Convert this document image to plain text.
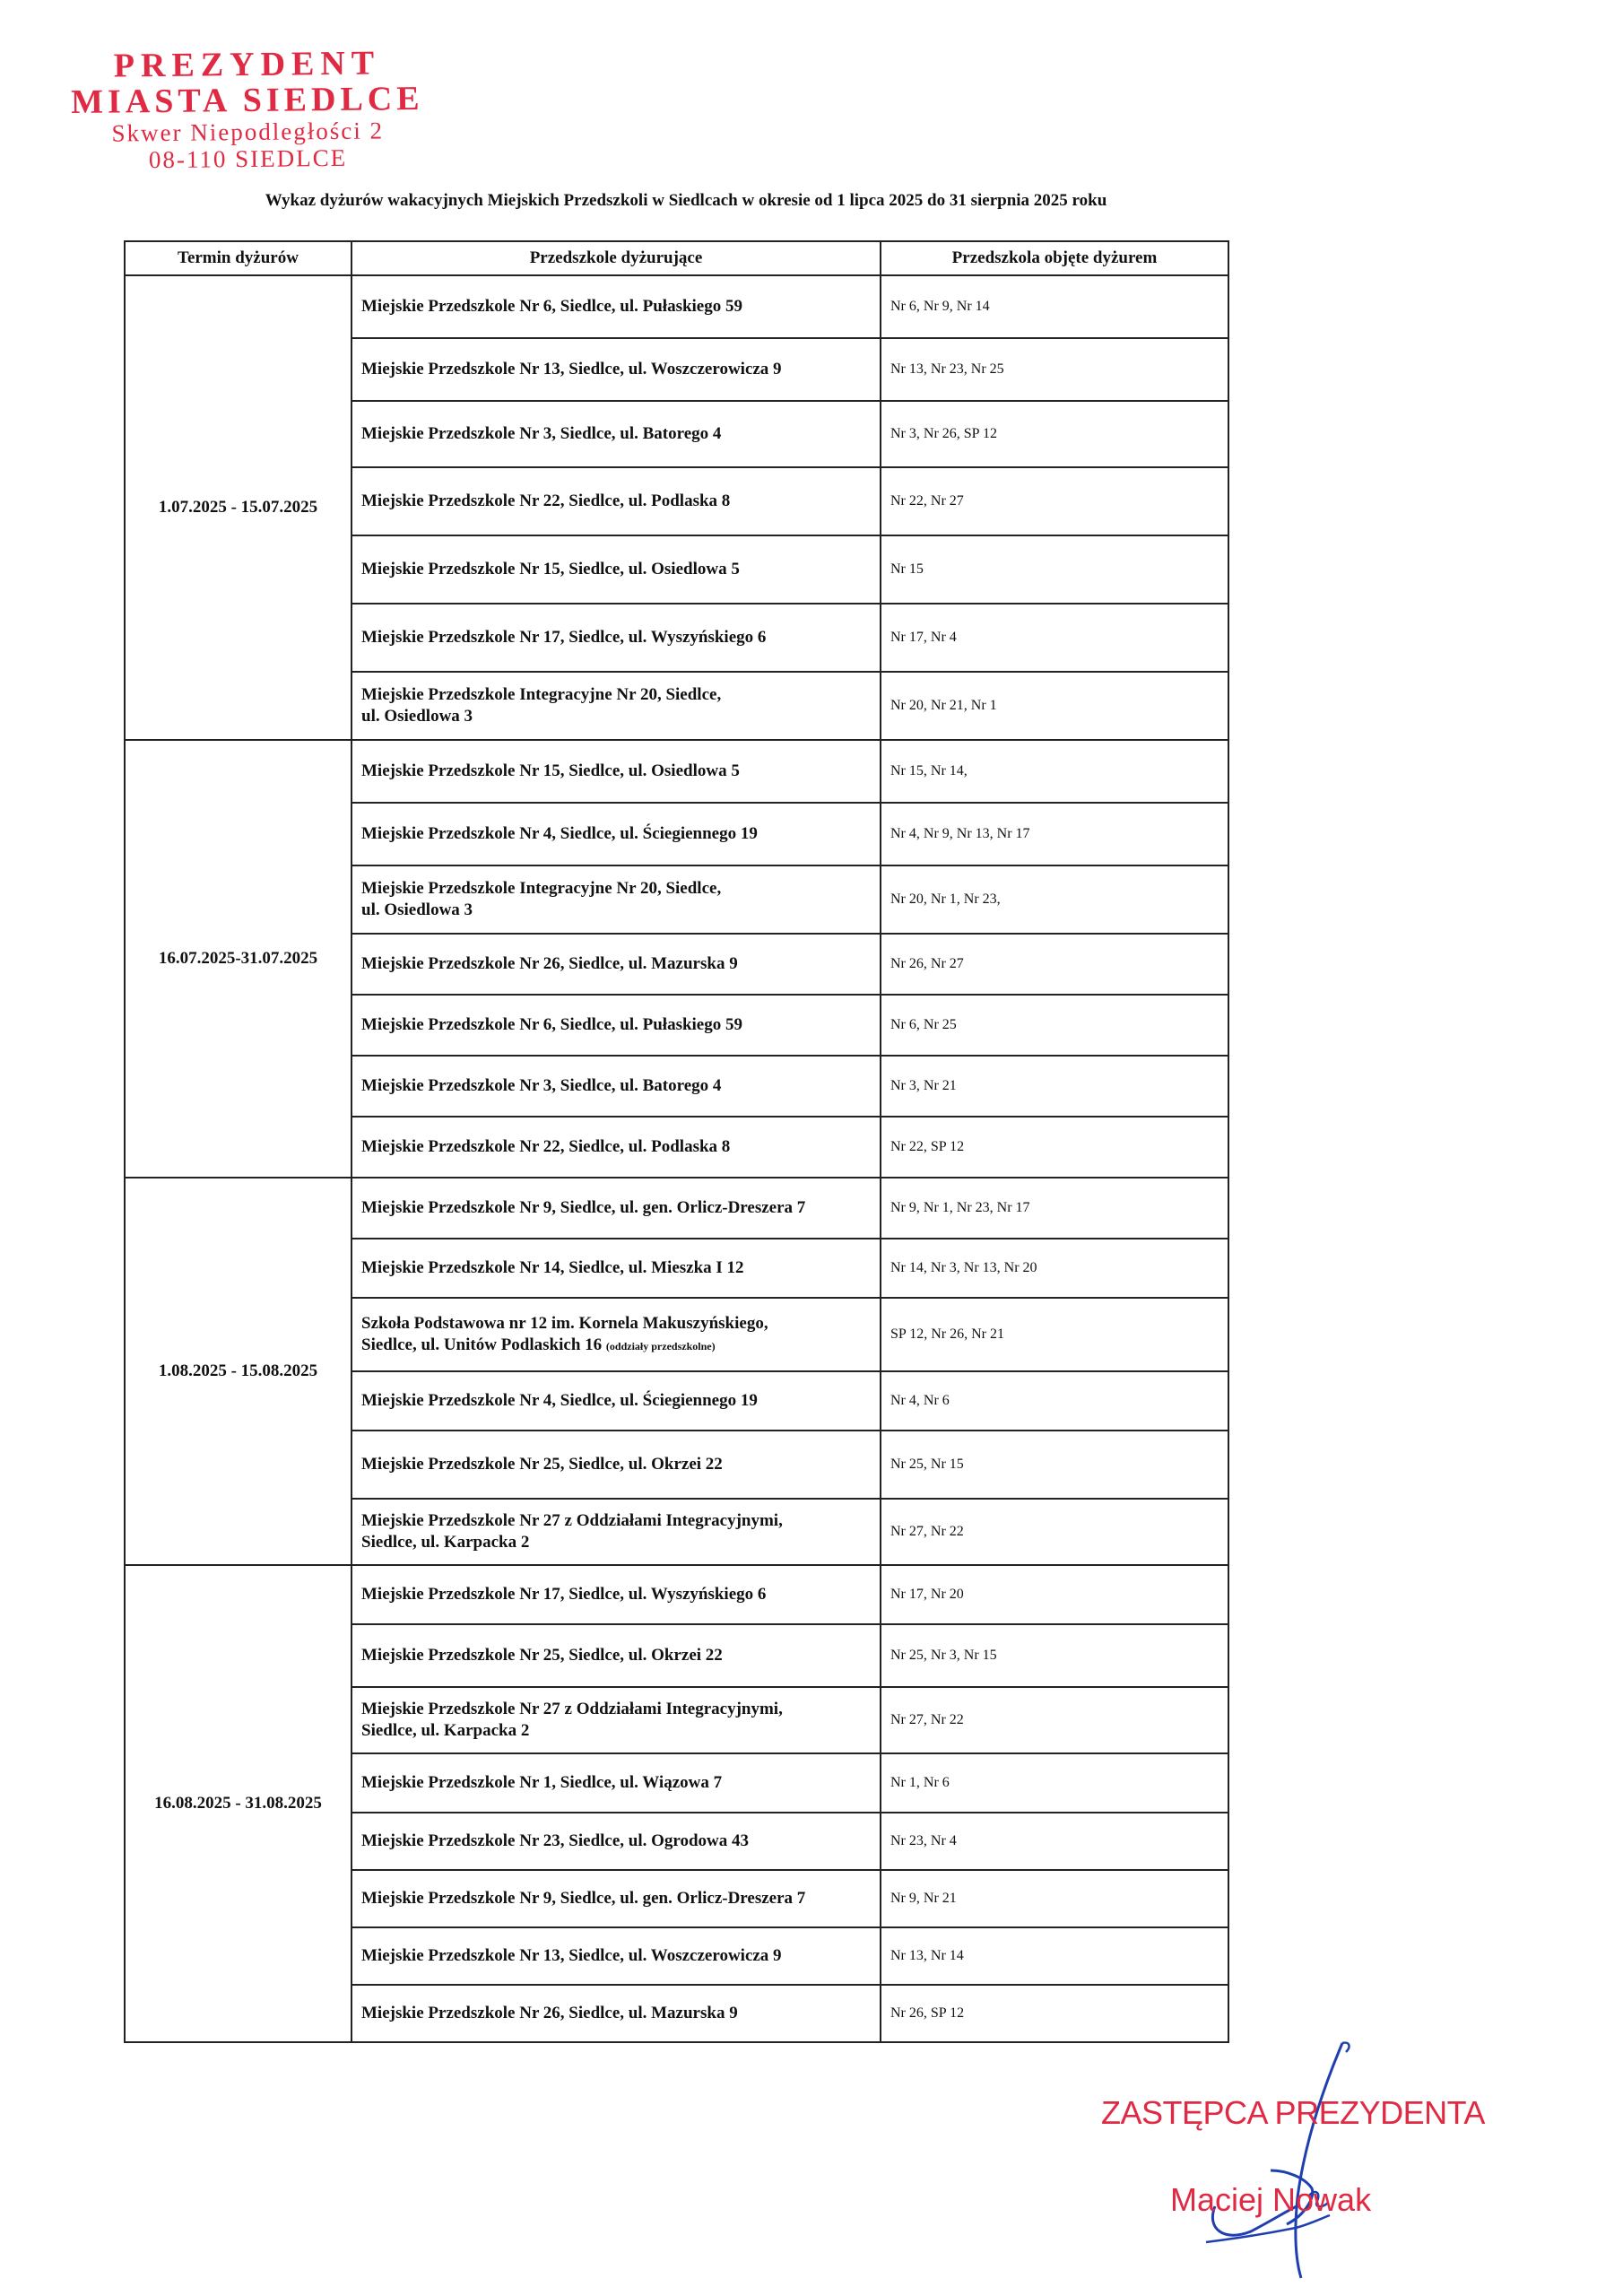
PREZYDENT
MIASTA SIEDLCE
Skwer Niepodległości 2
08-110 SIEDLCE
Wykaz dyżurów wakacyjnych Miejskich Przedszkoli w Siedlcach w okresie od 1 lipca 2025 do 31 sierpnia 2025 roku
Termin dyżurów	Przedszkole dyżurujące	Przedszkola objęte dyżurem
1.07.2025 - 15.07.2025	Miejskie Przedszkole Nr 6, Siedlce, ul. Pułaskiego 59	Nr 6, Nr 9, Nr 14

	Miejskie Przedszkole Nr 13, Siedlce, ul. Woszczerowicza 9	Nr 13, Nr 23, Nr 25

	Miejskie Przedszkole Nr 3, Siedlce, ul. Batorego 4	Nr 3, Nr 26, SP 12

	Miejskie Przedszkole Nr 22, Siedlce, ul. Podlaska 8	Nr 22, Nr 27

	Miejskie Przedszkole Nr 15, Siedlce, ul. Osiedlowa 5	Nr 15

	Miejskie Przedszkole Nr 17, Siedlce, ul. Wyszyńskiego 6	Nr 17, Nr 4

	Miejskie Przedszkole Integracyjne Nr 20, Siedlce,
ul. Osiedlowa 3	Nr 20, Nr 21, Nr 1
16.07.2025-31.07.2025	Miejskie Przedszkole Nr 15, Siedlce, ul. Osiedlowa 5	Nr 15, Nr 14,

	Miejskie Przedszkole Nr 4, Siedlce, ul. Ściegiennego 19	Nr 4, Nr 9, Nr 13, Nr 17

	Miejskie Przedszkole Integracyjne Nr 20, Siedlce,
ul. Osiedlowa 3	Nr 20, Nr 1, Nr 23,

	Miejskie Przedszkole Nr 26, Siedlce, ul. Mazurska 9	Nr 26, Nr 27

	Miejskie Przedszkole Nr 6, Siedlce, ul. Pułaskiego 59	Nr 6, Nr 25

	Miejskie Przedszkole Nr 3, Siedlce, ul. Batorego 4	Nr 3, Nr 21

	Miejskie Przedszkole Nr 22, Siedlce, ul. Podlaska 8	Nr 22, SP 12
1.08.2025 - 15.08.2025	Miejskie Przedszkole Nr 9, Siedlce, ul. gen. Orlicz-Dreszera 7	Nr 9, Nr 1, Nr 23, Nr 17

	Miejskie Przedszkole Nr 14, Siedlce, ul. Mieszka I 12	Nr 14, Nr 3, Nr 13, Nr 20

	Szkoła Podstawowa nr 12 im. Kornela Makuszyńskiego,
Siedlce, ul. Unitów Podlaskich 16 (oddziały przedszkolne)	SP 12, Nr 26, Nr 21

	Miejskie Przedszkole Nr 4, Siedlce, ul. Ściegiennego 19	Nr 4, Nr 6

	Miejskie Przedszkole Nr 25, Siedlce, ul. Okrzei 22	Nr 25, Nr 15

	Miejskie Przedszkole Nr 27 z Oddziałami Integracyjnymi,
Siedlce, ul. Karpacka 2	Nr 27, Nr 22
16.08.2025 - 31.08.2025	Miejskie Przedszkole Nr 17, Siedlce, ul. Wyszyńskiego 6	Nr 17, Nr 20

	Miejskie Przedszkole Nr 25, Siedlce, ul. Okrzei 22	Nr 25, Nr 3, Nr 15

	Miejskie Przedszkole Nr 27 z Oddziałami Integracyjnymi,
Siedlce, ul. Karpacka 2	Nr 27, Nr 22

	Miejskie Przedszkole Nr 1, Siedlce, ul. Wiązowa 7	Nr 1, Nr 6

	Miejskie Przedszkole Nr 23, Siedlce, ul. Ogrodowa 43	Nr 23, Nr 4

	Miejskie Przedszkole Nr 9, Siedlce, ul. gen. Orlicz-Dreszera 7	Nr 9, Nr 21

	Miejskie Przedszkole Nr 13, Siedlce, ul. Woszczerowicza 9	Nr 13, Nr 14

	Miejskie Przedszkole Nr 26, Siedlce, ul. Mazurska 9	Nr 26, SP 12
ZASTĘPCA PREZYDENTA
Maciej Nowak
